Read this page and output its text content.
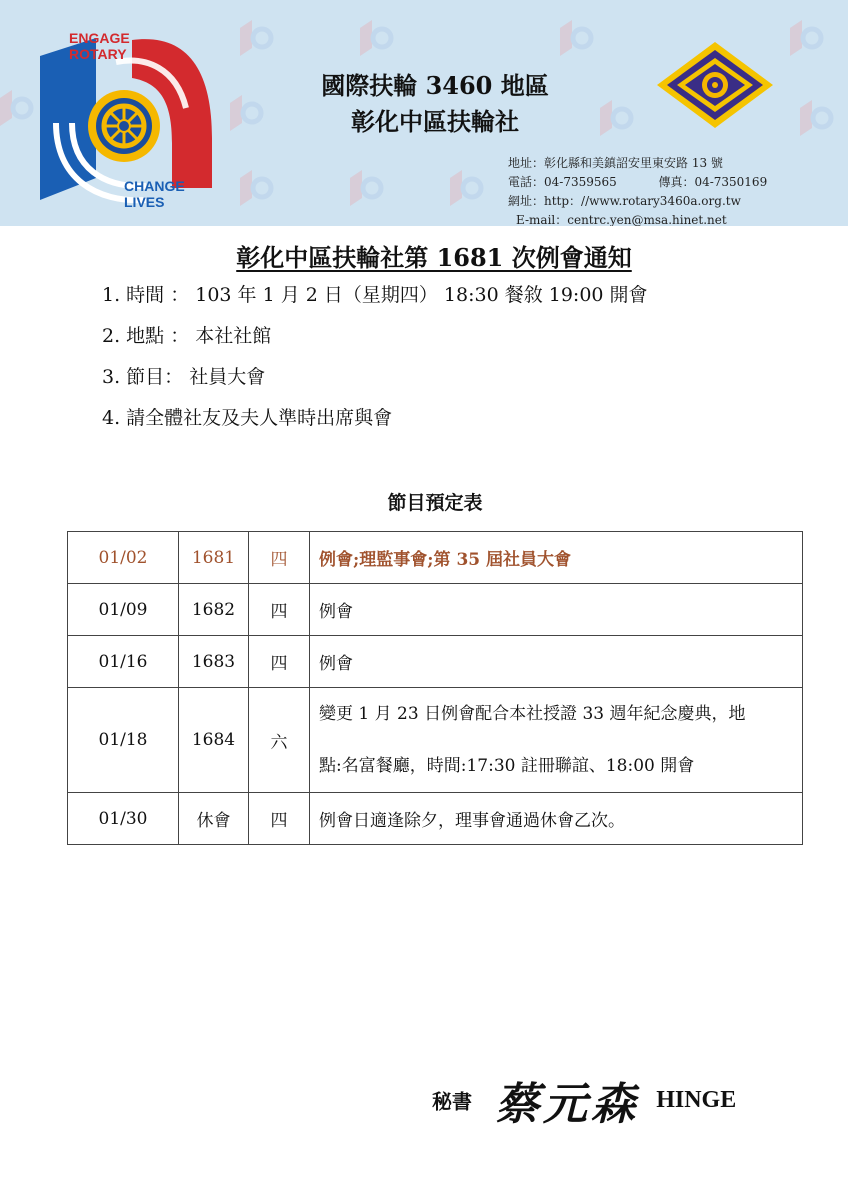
ENGAGE
ROTARY
CHANGE
LIVES
國際扶輪 3460 地區
彰化中區扶輪社
地址：彰化縣和美鎮詔安里東安路 13 號
電話：04-7359565	傳真：04-7350169
網址：http：//www.rotary3460a.org.tw
E-mail：centrc.yen@msa.hinet.net
彰化中區扶輪社第 1681 次例會通知
1. 時間 ： 103 年 1 月 2 日（星期四） 18:30 餐敘 19:00 開會
2. 地點 ： 本社社館
3. 節目： 社員大會
4. 請全體社友及夫人準時出席與會
節目預定表
01/02	1681	四	例會;理監事會;第 35 屆社員大會
01/09	1682	四	例會
01/16	1683	四	例會
01/18	1684	六	變更 1 月 23 日例會配合本社授證 33 週年紀念慶典，地
點:名富餐廳，時間:17:30 註冊聯誼、18:00 開會

01/30	休會	四	例會日適逢除夕，理事會通過休會乙次。
秘書 蔡元森 HINGE
